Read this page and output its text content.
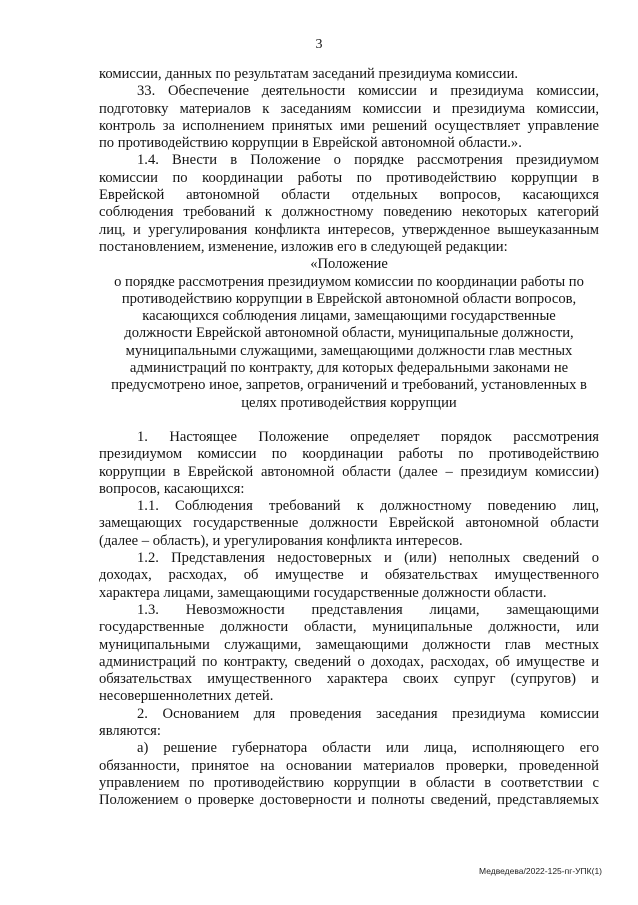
3

комиссии, данных по результатам заседаний президиума комиссии.

33. Обеспечение деятельности комиссии и президиума комиссии,

подготовку материалов к заседаниям комиссии и президиума комиссии,

контроль за исполнением принятых ими решений осуществляет управление

по противодействию коррупции в Еврейской автономной области.».

1.4. Внести в Положение о порядке рассмотрения президиумом

комиссии по координации работы по противодействию коррупции в

Еврейской автономной области отдельных вопросов, касающихся

соблюдения требований к должностному поведению некоторых категорий

лиц, и урегулирования конфликта интересов, утвержденное вышеуказанным

постановлением, изменение, изложив его в следующей редакции:

«Положение

о порядке рассмотрения президиумом комиссии по координации работы по

противодействию коррупции в Еврейской автономной области вопросов,

касающихся соблюдения лицами, замещающими государственные

должности Еврейской автономной области, муниципальные должности,

муниципальными служащими, замещающими должности глав местных

администраций по контракту, для которых федеральными законами не

предусмотрено иное, запретов, ограничений и требований, установленных в

целях противодействия коррупции

1. Настоящее Положение определяет порядок рассмотрения

президиумом комиссии по координации работы по противодействию

коррупции в Еврейской автономной области (далее – президиум комиссии)

вопросов, касающихся:

1.1. Соблюдения требований к должностному поведению лиц,

замещающих государственные должности Еврейской автономной области

(далее – область), и урегулирования конфликта интересов.

1.2. Представления недостоверных и (или) неполных сведений о

доходах, расходах, об имуществе и обязательствах имущественного

характера лицами, замещающими государственные должности области.

1.3. Невозможности представления лицами, замещающими

государственные должности области, муниципальные должности, или

муниципальными служащими, замещающими должности глав местных

администраций по контракту, сведений о доходах, расходах, об имуществе и

обязательствах имущественного характера своих супруг (супругов) и

несовершеннолетних детей.

2. Основанием для проведения заседания президиума комиссии

являются:

а) решение губернатора области или лица, исполняющего его

обязанности, принятое на основании материалов проверки, проведенной

управлением по противодействию коррупции в области в соответствии с

Положением о проверке достоверности и полноты сведений, представляемых

Медведева/2022-125-пг-УПК(1)
